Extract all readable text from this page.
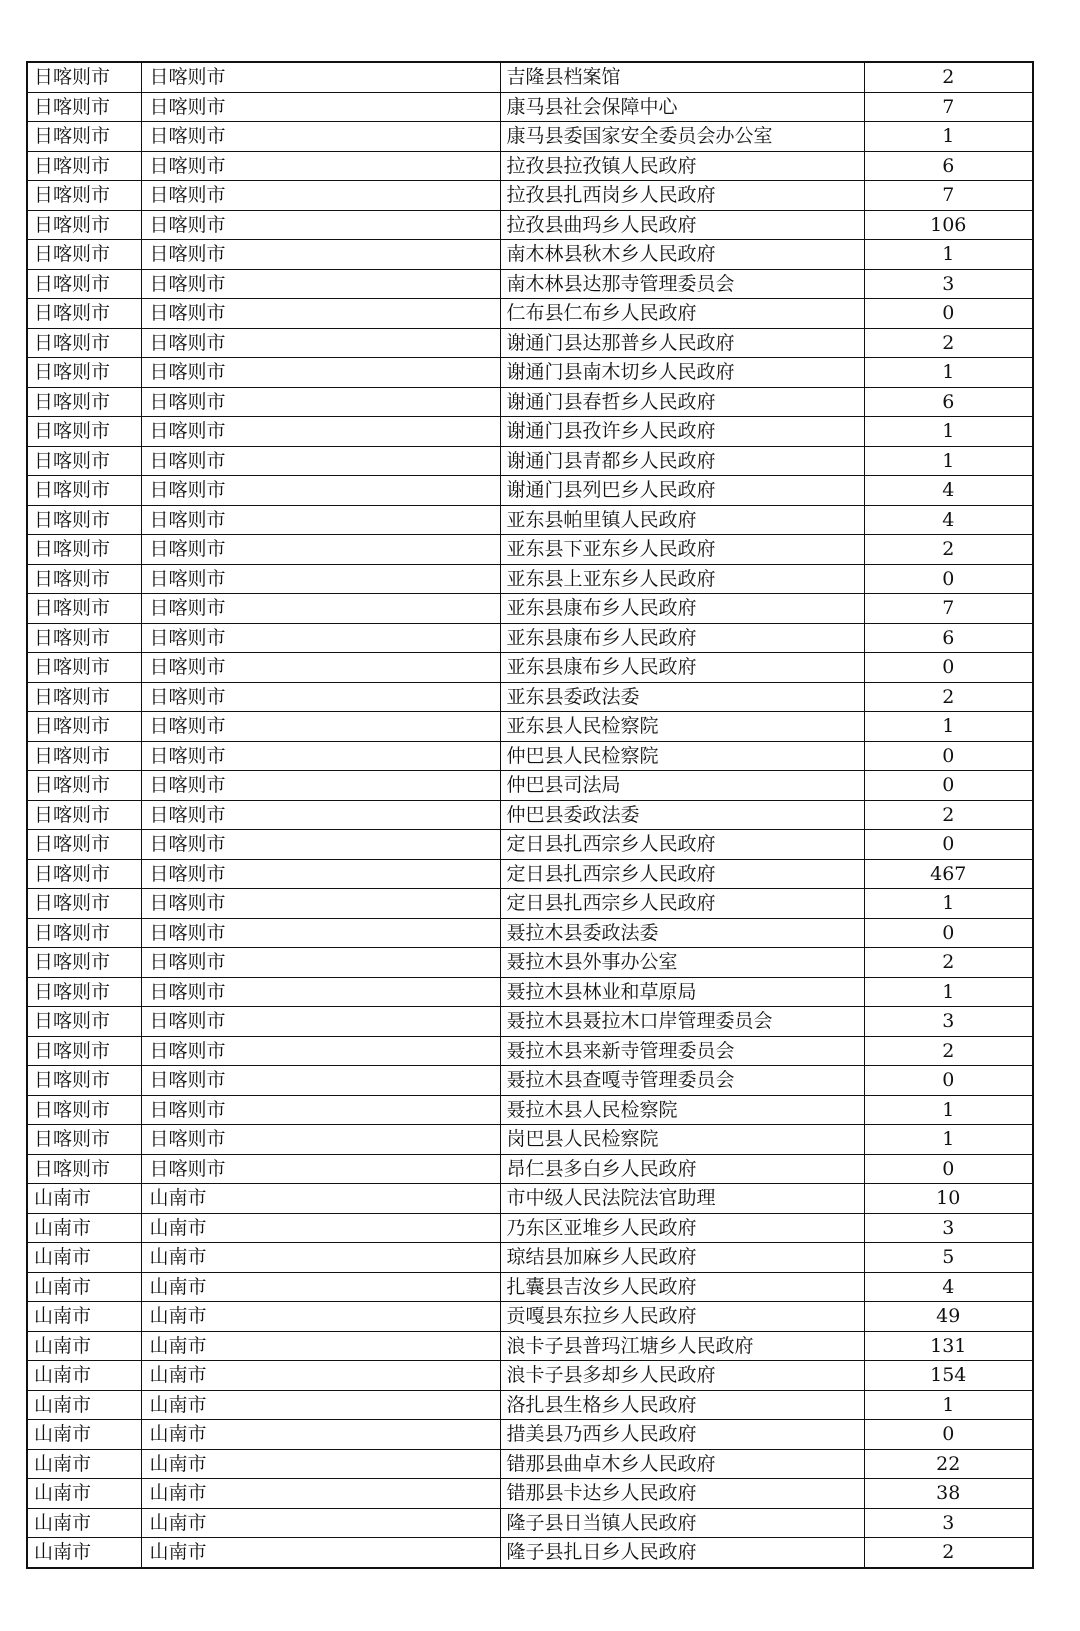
日喀则市	日喀则市	吉隆县档案馆	2
日喀则市	日喀则市	康马县社会保障中心	7
日喀则市	日喀则市	康马县委国家安全委员会办公室	1
日喀则市	日喀则市	拉孜县拉孜镇人民政府	6
日喀则市	日喀则市	拉孜县扎西岗乡人民政府	7
日喀则市	日喀则市	拉孜县曲玛乡人民政府	106
日喀则市	日喀则市	南木林县秋木乡人民政府	1
日喀则市	日喀则市	南木林县达那寺管理委员会	3
日喀则市	日喀则市	仁布县仁布乡人民政府	0
日喀则市	日喀则市	谢通门县达那普乡人民政府	2
日喀则市	日喀则市	谢通门县南木切乡人民政府	1
日喀则市	日喀则市	谢通门县春哲乡人民政府	6
日喀则市	日喀则市	谢通门县孜许乡人民政府	1
日喀则市	日喀则市	谢通门县青都乡人民政府	1
日喀则市	日喀则市	谢通门县列巴乡人民政府	4
日喀则市	日喀则市	亚东县帕里镇人民政府	4
日喀则市	日喀则市	亚东县下亚东乡人民政府	2
日喀则市	日喀则市	亚东县上亚东乡人民政府	0
日喀则市	日喀则市	亚东县康布乡人民政府	7
日喀则市	日喀则市	亚东县康布乡人民政府	6
日喀则市	日喀则市	亚东县康布乡人民政府	0
日喀则市	日喀则市	亚东县委政法委	2
日喀则市	日喀则市	亚东县人民检察院	1
日喀则市	日喀则市	仲巴县人民检察院	0
日喀则市	日喀则市	仲巴县司法局	0
日喀则市	日喀则市	仲巴县委政法委	2
日喀则市	日喀则市	定日县扎西宗乡人民政府	0
日喀则市	日喀则市	定日县扎西宗乡人民政府	467
日喀则市	日喀则市	定日县扎西宗乡人民政府	1
日喀则市	日喀则市	聂拉木县委政法委	0
日喀则市	日喀则市	聂拉木县外事办公室	2
日喀则市	日喀则市	聂拉木县林业和草原局	1
日喀则市	日喀则市	聂拉木县聂拉木口岸管理委员会	3
日喀则市	日喀则市	聂拉木县来新寺管理委员会	2
日喀则市	日喀则市	聂拉木县查嘎寺管理委员会	0
日喀则市	日喀则市	聂拉木县人民检察院	1
日喀则市	日喀则市	岗巴县人民检察院	1
日喀则市	日喀则市	昂仁县多白乡人民政府	0
山南市	山南市	市中级人民法院法官助理	10
山南市	山南市	乃东区亚堆乡人民政府	3
山南市	山南市	琼结县加麻乡人民政府	5
山南市	山南市	扎囊县吉汝乡人民政府	4
山南市	山南市	贡嘎县东拉乡人民政府	49
山南市	山南市	浪卡子县普玛江塘乡人民政府	131
山南市	山南市	浪卡子县多却乡人民政府	154
山南市	山南市	洛扎县生格乡人民政府	1
山南市	山南市	措美县乃西乡人民政府	0
山南市	山南市	错那县曲卓木乡人民政府	22
山南市	山南市	错那县卡达乡人民政府	38
山南市	山南市	隆子县日当镇人民政府	3
山南市	山南市	隆子县扎日乡人民政府	2
